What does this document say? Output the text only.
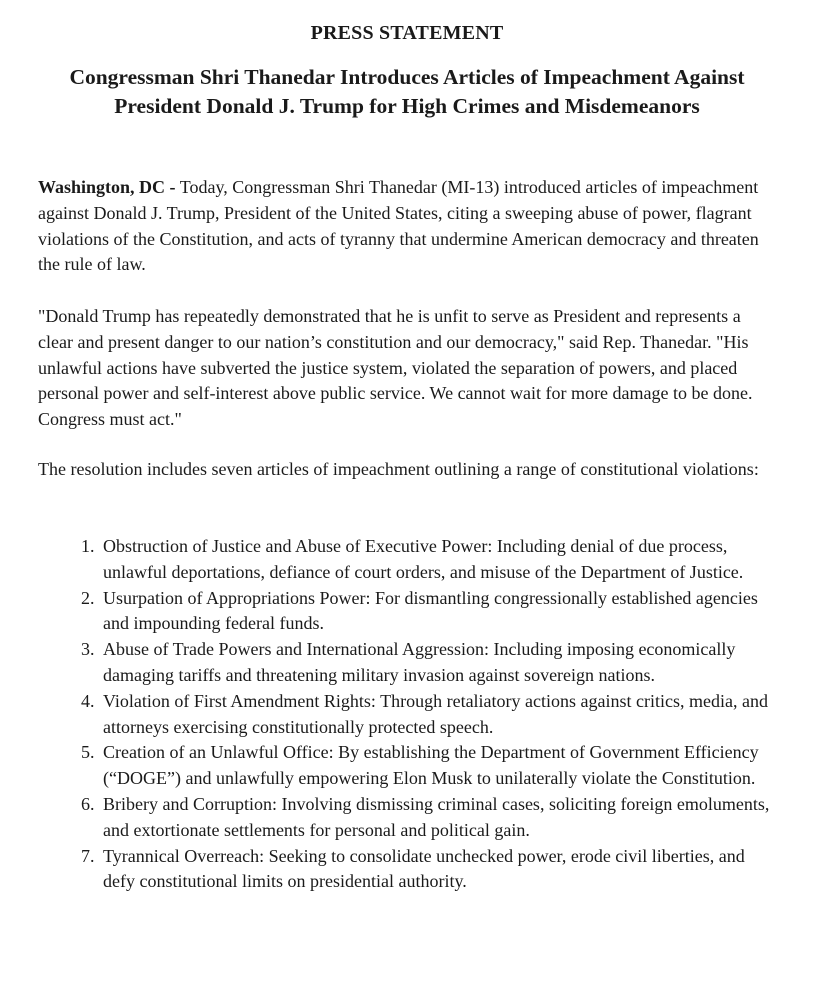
PRESS STATEMENT
Congressman Shri Thanedar Introduces Articles of Impeachment Against President Donald J. Trump for High Crimes and Misdemeanors

Washington, DC - Today, Congressman Shri Thanedar (MI-13) introduced articles of impeachment against Donald J. Trump, President of the United States, citing a sweeping abuse of power, flagrant violations of the Constitution, and acts of tyranny that undermine American democracy and threaten the rule of law.

"Donald Trump has repeatedly demonstrated that he is unfit to serve as President and represents a clear and present danger to our nation’s constitution and our democracy," said Rep. Thanedar. "His unlawful actions have subverted the justice system, violated the separation of powers, and placed personal power and self-interest above public service. We cannot wait for more damage to be done. Congress must act."

The resolution includes seven articles of impeachment outlining a range of constitutional violations:

1. Obstruction of Justice and Abuse of Executive Power: Including denial of due process, unlawful deportations, defiance of court orders, and misuse of the Department of Justice.
2. Usurpation of Appropriations Power: For dismantling congressionally established agencies and impounding federal funds.
3. Abuse of Trade Powers and International Aggression: Including imposing economically damaging tariffs and threatening military invasion against sovereign nations.
4. Violation of First Amendment Rights: Through retaliatory actions against critics, media, and attorneys exercising constitutionally protected speech.
5. Creation of an Unlawful Office: By establishing the Department of Government Efficiency (“DOGE”) and unlawfully empowering Elon Musk to unilaterally violate the Constitution.
6. Bribery and Corruption: Involving dismissing criminal cases, soliciting foreign emoluments, and extortionate settlements for personal and political gain.
7. Tyrannical Overreach: Seeking to consolidate unchecked power, erode civil liberties, and defy constitutional limits on presidential authority.
